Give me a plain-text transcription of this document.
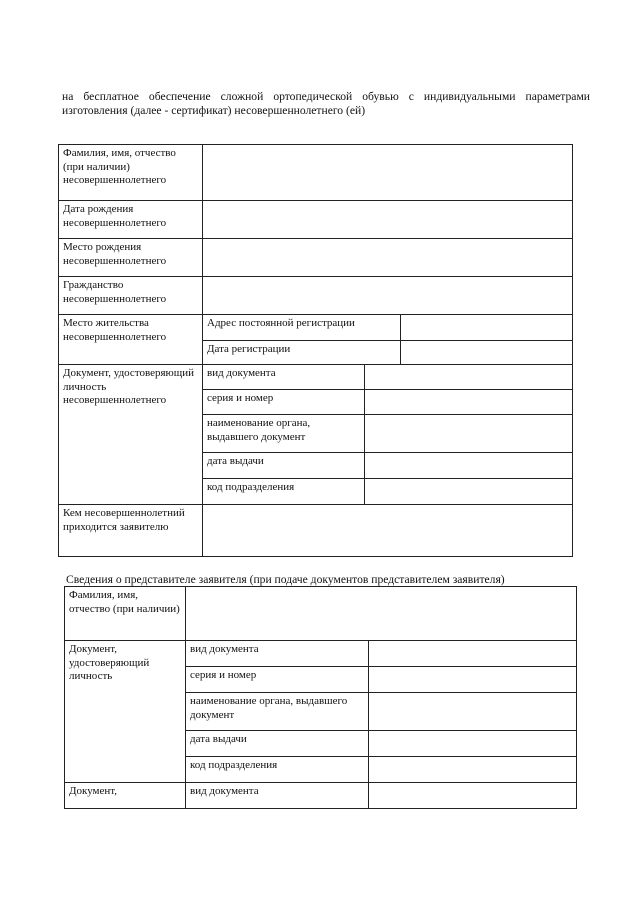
на бесплатное обеспечение сложной ортопедической обувью с индивидуальными параметрами изготовления (далее - сертификат) несовершеннолетнего (ей)
Фамилия, имя, отчество (при наличии) несовершеннолетнего			
Дата рождения несовершеннолетнего			
Место рождения несовершеннолетнего			
Гражданство несовершеннолетнего			
Место жительства несовершеннолетнего	Адрес постоянной регистрации		
	Дата регистрации		
Документ, удостоверяющий личность несовершеннолетнего	вид документа		
	серия и номер		
	наименование органа, выдавшего документ		
	дата выдачи		
	код подразделения		
Кем несовершеннолетний приходится заявителю			
Сведения о представителе заявителя (при подаче документов представителем заявителя)
Фамилия, имя, отчество (при наличии)		
Документ, удостоверяющий личность	вид документа	
	серия и номер	
	наименование органа, выдавшего документ	
	дата выдачи	
	код подразделения	
Документ,	вид документа	
